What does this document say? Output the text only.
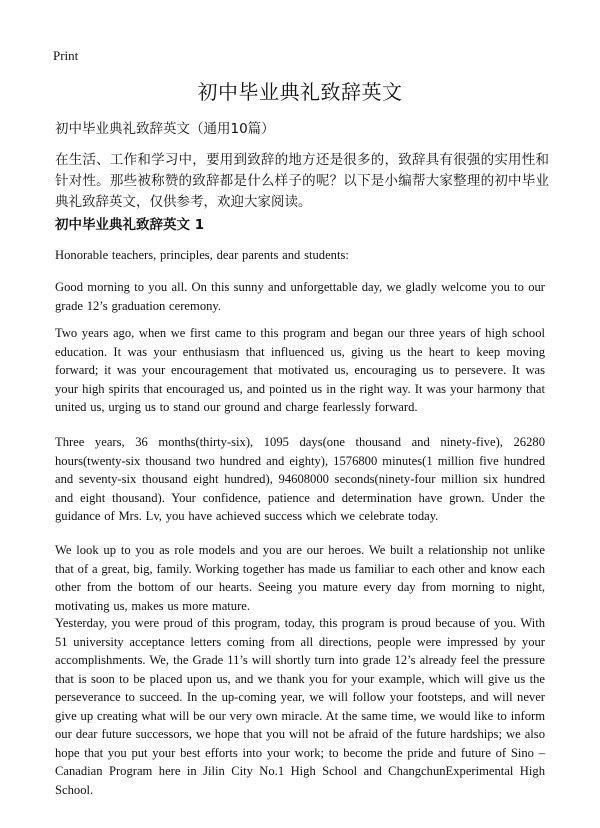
Print
初中毕业典礼致辞英文
初中毕业典礼致辞英文（通用10篇）

在生活、工作和学习中，要用到致辞的地方还是很多的，致辞具有很强的实用性和针对性。那些被称赞的致辞都是什么样子的呢？以下是小编帮大家整理的初中毕业典礼致辞英文，仅供参考，欢迎大家阅读。

初中毕业典礼致辞英文 1

Honorable teachers, principles, dear parents and students:

Good morning to you all. On this sunny and unforgettable day, we gladly welcome you to our grade 12’s graduation ceremony.

Two years ago, when we first came to this program and began our three years of high school education. It was your enthusiasm that influenced us, giving us the heart to keep moving forward; it was your encouragement that motivated us, encouraging us to persevere. It was your high spirits that encouraged us, and pointed us in the right way. It was your harmony that united us, urging us to stand our ground and charge fearlessly forward.

Three years, 36 months(thirty-six), 1095 days(one thousand and ninety-five), 26280 hours(twenty-six thousand two hundred and eighty), 1576800 minutes(1 million five hundred and seventy-six thousand eight hundred), 94608000 seconds(ninety-four million six hundred and eight thousand). Your confidence, patience and determination have grown. Under the guidance of Mrs. Lv, you have achieved success which we celebrate today.

We look up to you as role models and you are our heroes. We built a relationship not unlike that of a great, big, family. Working together has made us familiar to each other and know each other from the bottom of our hearts. Seeing you mature every day from morning to night, motivating us, makes us more mature.

Yesterday, you were proud of this program, today, this program is proud because of you. With 51 university acceptance letters coming from all directions, people were impressed by your accomplishments. We, the Grade 11’s will shortly turn into grade 12’s already feel the pressure that is soon to be placed upon us, and we thank you for your example, which will give us the perseverance to succeed. In the up-coming year, we will follow your footsteps, and will never give up creating what will be our very own miracle. At the same time, we would like to inform our dear future successors, we hope that you will not be afraid of the future hardships; we also hope that you put your best efforts into your work; to become the pride and future of Sino – Canadian Program here in Jilin City No.1 High School and ChangchunExperimental High School.
